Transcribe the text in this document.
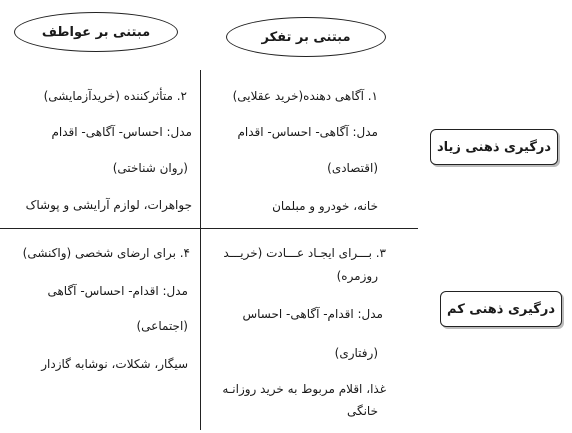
مبتنی بر عواطف	مبتنی بر تفکر
درگیری ذهنی زیاد
درگیری ذهنی کم
۱. آگاهی دهنده(خرید عقلایی)
مدل: آگاهی- احساس- اقدام
(اقتصادی)
خانه، خودرو و مبلمان
۲. متأثرکننده (خریدآزمایشی)
مدل: احساس- آگاهی- اقدام
(روان شناختی)
جواهرات، لوازم آرایشی و پوشاک
۳. بـــرای ایجـاد عـــادت (خریـــد
روزمره)
مدل: اقدام- آگاهی- احساس
(رفتاری)
غذا، اقلام مربوط به خرید روزانـه
خانگی
۴. برای ارضای شخصی (واکنشی)
مدل: اقدام- احساس- آگاهی
(اجتماعی)
سیگار، شکلات، نوشابه گازدار
